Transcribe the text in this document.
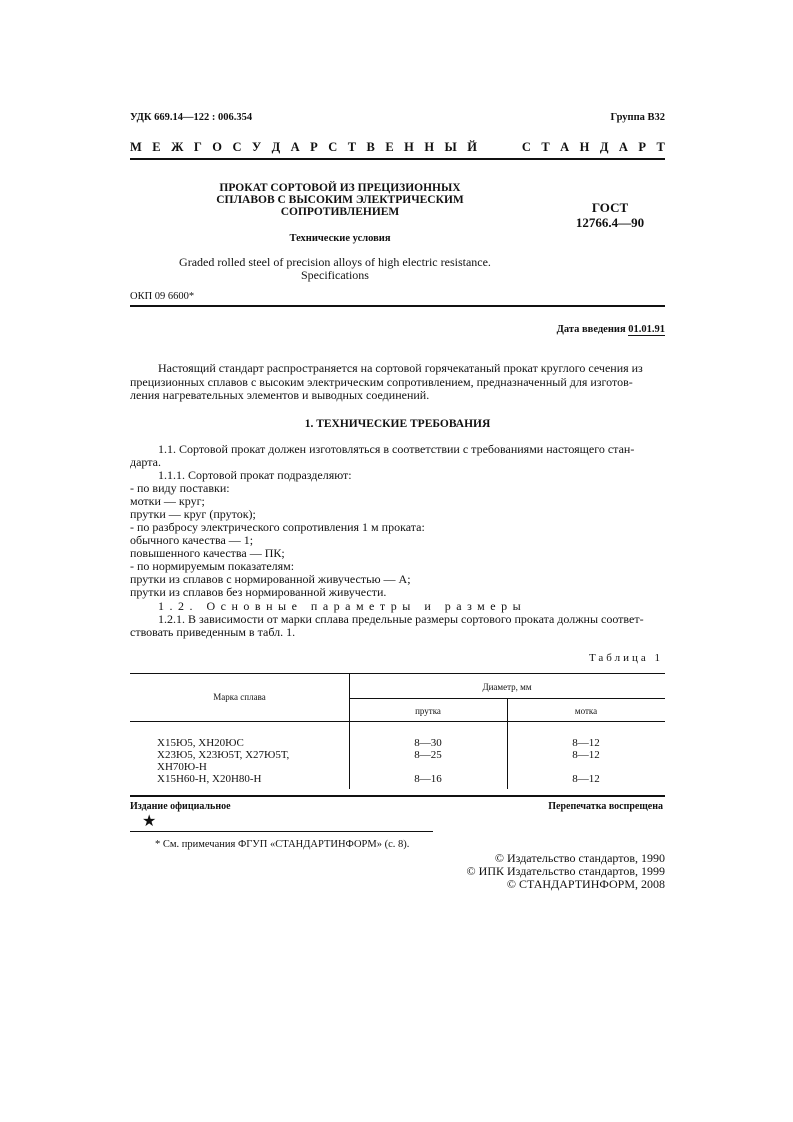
УДК 669.14—122 : 006.354	Группа В32
М Е Ж Г О С У Д А Р С Т В Е Н Н Ы Й	С Т А Н Д А Р Т
ПРОКАТ СОРТОВОЙ ИЗ ПРЕЦИЗИОННЫХ
СПЛАВОВ С ВЫСОКИМ ЭЛЕКТРИЧЕСКИМ
СОПРОТИВЛЕНИЕМ
Технические условия
Graded rolled steel of precision alloys of high electric resistance.
Specifications
ГОСТ
12766.4—90
ОКП 09 6600*
Дата введения 01.01.91
Настоящий стандарт распространяется на сортовой горячекатаный прокат круглого сечения из
прецизионных сплавов с высоким электрическим сопротивлением, предназначенный для изготов-
ления нагревательных элементов и выводных соединений.
1. ТЕХНИЧЕСКИЕ ТРЕБОВАНИЯ
1.1. Сортовой прокат должен изготовляться в соответствии с требованиями настоящего стан-
дарта.
1.1.1. Сортовой прокат подразделяют:
- по виду поставки:
мотки — круг;
прутки — круг (пруток);
- по разбросу электрического сопротивления 1 м проката:
обычного качества — 1;
повышенного качества — ПК;
- по нормируемым показателям:
прутки из сплавов с нормированной живучестью — А;
прутки из сплавов без нормированной живучести.
1.2. Основные параметры и размеры
1.2.1. В зависимости от марки сплава предельные размеры сортового проката должны соответ-
ствовать приведенным в табл. 1.
Таблица 1
Марка сплава
Диаметр, мм
прутка	мотка
Х15Ю5, ХН20ЮС	8—30	8—12
Х23Ю5, Х23Ю5Т, Х27Ю5Т,	8—25	8—12
ХН70Ю-Н
Х15Н60-Н, Х20Н80-Н	8—16	8—12
Издание официальное	Перепечатка воспрещена
★
* См. примечания ФГУП «СТАНДАРТИНФОРМ» (с. 8).
© Издательство стандартов, 1990
© ИПК Издательство стандартов, 1999
© СТАНДАРТИНФОРМ, 2008
